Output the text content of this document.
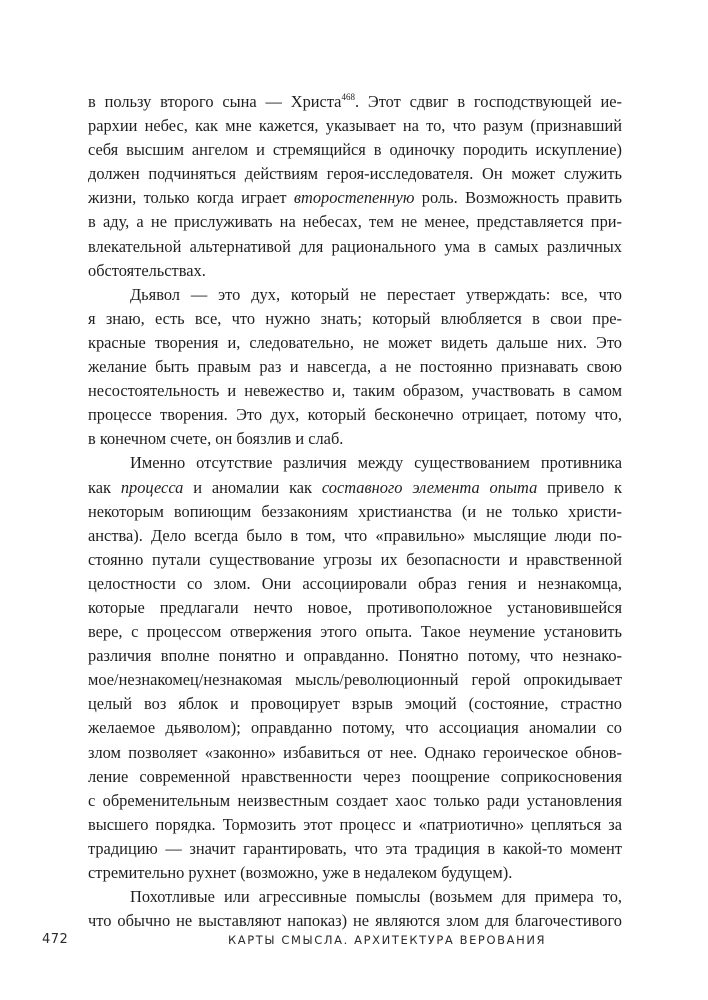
в пользу второго сына — Христа$^{468}$. Этот сдвиг в господствующей ие-
рархии небес, как мне кажется, указывает на то, что разум (признавший
себя высшим ангелом и стремящийся в одиночку породить искупление)
должен подчиняться действиям героя-исследователя. Он может служить
жизни, только когда играет второстепенную роль. Возможность править
в аду, а не прислуживать на небесах, тем не менее, представляется при-
влекательной альтернативой для рационального ума в самых различных
обстоятельствах.
Дьявол — это дух, который не перестает утверждать: все, что
я знаю, есть все, что нужно знать; который влюбляется в свои пре-
красные творения и, следовательно, не может видеть дальше них. Это
желание быть правым раз и навсегда, а не постоянно признавать свою
несостоятельность и невежество и, таким образом, участвовать в самом
процессе творения. Это дух, который бесконечно отрицает, потому что,
в конечном счете, он боязлив и слаб.
Именно отсутствие различия между существованием противника
как процесса и аномалии как составного элемента опыта привело к
некоторым вопиющим беззакониям христианства (и не только христи-
анства). Дело всегда было в том, что «правильно» мыслящие люди по-
стоянно путали существование угрозы их безопасности и нравственной
целостности со злом. Они ассоциировали образ гения и незнакомца,
которые предлагали нечто новое, противоположное установившейся
вере, с процессом отвержения этого опыта. Такое неумение установить
различия вполне понятно и оправданно. Понятно потому, что незнако-
мое/незнакомец/незнакомая мысль/революционный герой опрокидывает
целый воз яблок и провоцирует взрыв эмоций (состояние, страстно
желаемое дьяволом); оправданно потому, что ассоциация аномалии со
злом позволяет «законно» избавиться от нее. Однако героическое обнов-
ление современной нравственности через поощрение соприкосновения
с обременительным неизвестным создает хаос только ради установления
высшего порядка. Тормозить этот процесс и «патриотично» цепляться за
традицию — значит гарантировать, что эта традиция в какой-то момент
стремительно рухнет (возможно, уже в недалеком будущем).
Похотливые или агрессивные помыслы (возьмем для примера то,
что обычно не выставляют напоказ) не являются злом для благочестивого
472	КАРТЫ СМЫСЛА. АРХИТЕКТУРА ВЕРОВАНИЯ
